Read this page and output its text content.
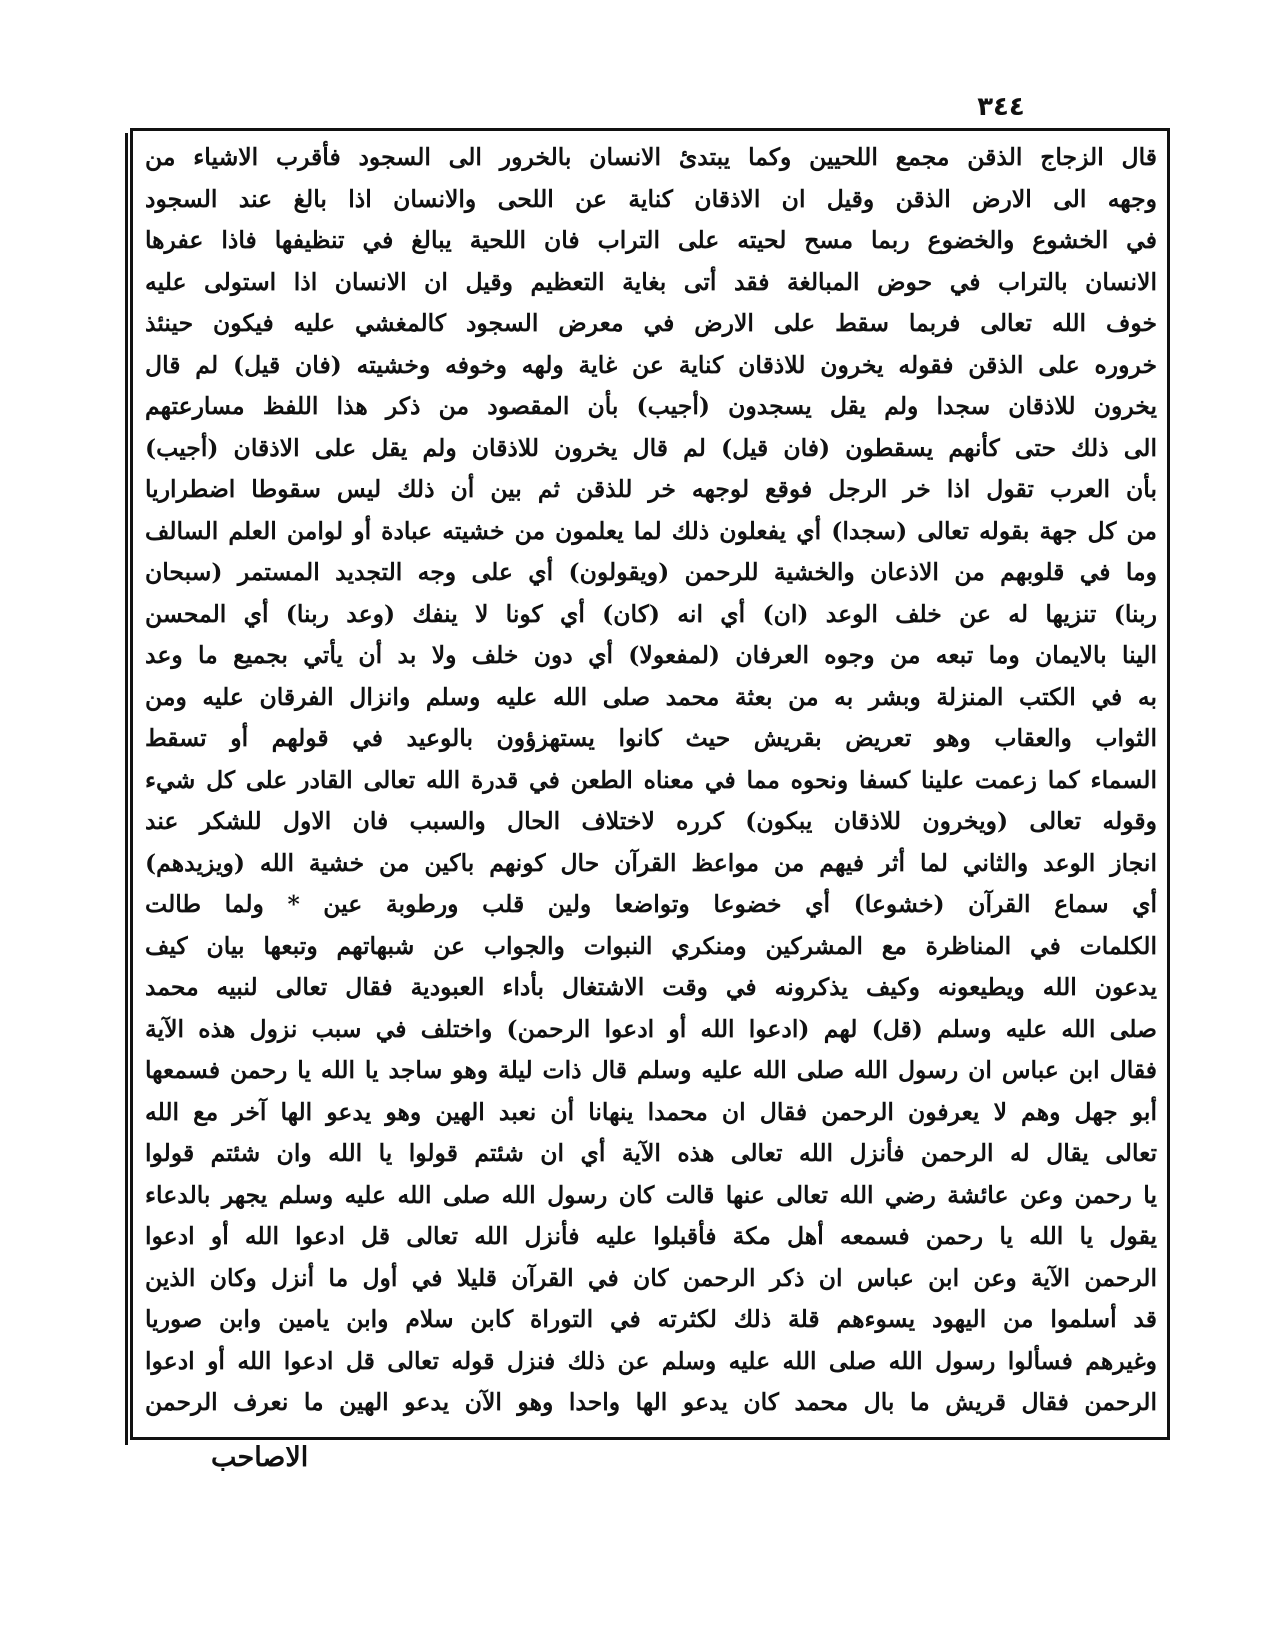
٣٤٤
قال الزجاج الذقن مجمع اللحيين وكما يبتدئ الانسان بالخرور الى السجود فأقرب الاشياء من
وجهه الى الارض الذقن وقيل ان الاذقان كناية عن اللحى والانسان اذا بالغ عند السجود
في الخشوع والخضوع ربما مسح لحيته على التراب فان اللحية يبالغ في تنظيفها فاذا عفرها
الانسان بالتراب في حوض المبالغة فقد أتى بغاية التعظيم وقيل ان الانسان اذا استولى عليه
خوف الله تعالى فربما سقط على الارض في معرض السجود كالمغشي عليه فيكون حينئذ
خروره على الذقن فقوله يخرون للاذقان كناية عن غاية ولهه وخوفه وخشيته (فان قيل) لم قال
يخرون للاذقان سجدا ولم يقل يسجدون (أجيب) بأن المقصود من ذكر هذا اللفظ مسارعتهم
الى ذلك حتى كأنهم يسقطون (فان قيل) لم قال يخرون للاذقان ولم يقل على الاذقان (أجيب)
بأن العرب تقول اذا خر الرجل فوقع لوجهه خر للذقن ثم بين أن ذلك ليس سقوطا اضطراريا
من كل جهة بقوله تعالى (سجدا) أي يفعلون ذلك لما يعلمون من خشيته عبادة أو لوامن العلم السالف
وما في قلوبهم من الاذعان والخشية للرحمن (ويقولون) أي على وجه التجديد المستمر (سبحان
ربنا) تنزيها له عن خلف الوعد (ان) أي انه (كان) أي كونا لا ينفك (وعد ربنا) أي المحسن
الينا بالايمان وما تبعه من وجوه العرفان (لمفعولا) أي دون خلف ولا بد أن يأتي بجميع ما وعد
به في الكتب المنزلة وبشر به من بعثة محمد صلى الله عليه وسلم وانزال الفرقان عليه ومن
الثواب والعقاب وهو تعريض بقريش حيث كانوا يستهزؤون بالوعيد في قولهم أو تسقط
السماء كما زعمت علينا كسفا ونحوه مما في معناه الطعن في قدرة الله تعالى القادر على كل شيء
وقوله تعالى (ويخرون للاذقان يبكون) كرره لاختلاف الحال والسبب فان الاول للشكر عند
انجاز الوعد والثاني لما أثر فيهم من مواعظ القرآن حال كونهم باكين من خشية الله (ويزيدهم)
أي سماع القرآن (خشوعا) أي خضوعا وتواضعا ولين قلب ورطوبة عين * ولما طالت
الكلمات في المناظرة مع المشركين ومنكري النبوات والجواب عن شبهاتهم وتبعها بيان كيف
يدعون الله ويطيعونه وكيف يذكرونه في وقت الاشتغال بأداء العبودية فقال تعالى لنبيه محمد
صلى الله عليه وسلم (قل) لهم (ادعوا الله أو ادعوا الرحمن) واختلف في سبب نزول هذه الآية
فقال ابن عباس ان رسول الله صلى الله عليه وسلم قال ذات ليلة وهو ساجد يا الله يا رحمن فسمعها
أبو جهل وهم لا يعرفون الرحمن فقال ان محمدا ينهانا أن نعبد الهين وهو يدعو الها آخر مع الله
تعالى يقال له الرحمن فأنزل الله تعالى هذه الآية أي ان شئتم قولوا يا الله وان شئتم قولوا
يا رحمن وعن عائشة رضي الله تعالى عنها قالت كان رسول الله صلى الله عليه وسلم يجهر بالدعاء
يقول يا الله يا رحمن فسمعه أهل مكة فأقبلوا عليه فأنزل الله تعالى قل ادعوا الله أو ادعوا
الرحمن الآية وعن ابن عباس ان ذكر الرحمن كان في القرآن قليلا في أول ما أنزل وكان الذين
قد أسلموا من اليهود يسوءهم قلة ذلك لكثرته في التوراة كابن سلام وابن يامين وابن صوريا
وغيرهم فسألوا رسول الله صلى الله عليه وسلم عن ذلك فنزل قوله تعالى قل ادعوا الله أو ادعوا
الرحمن فقال قريش ما بال محمد كان يدعو الها واحدا وهو الآن يدعو الهين ما نعرف الرحمن
الاصاحب
